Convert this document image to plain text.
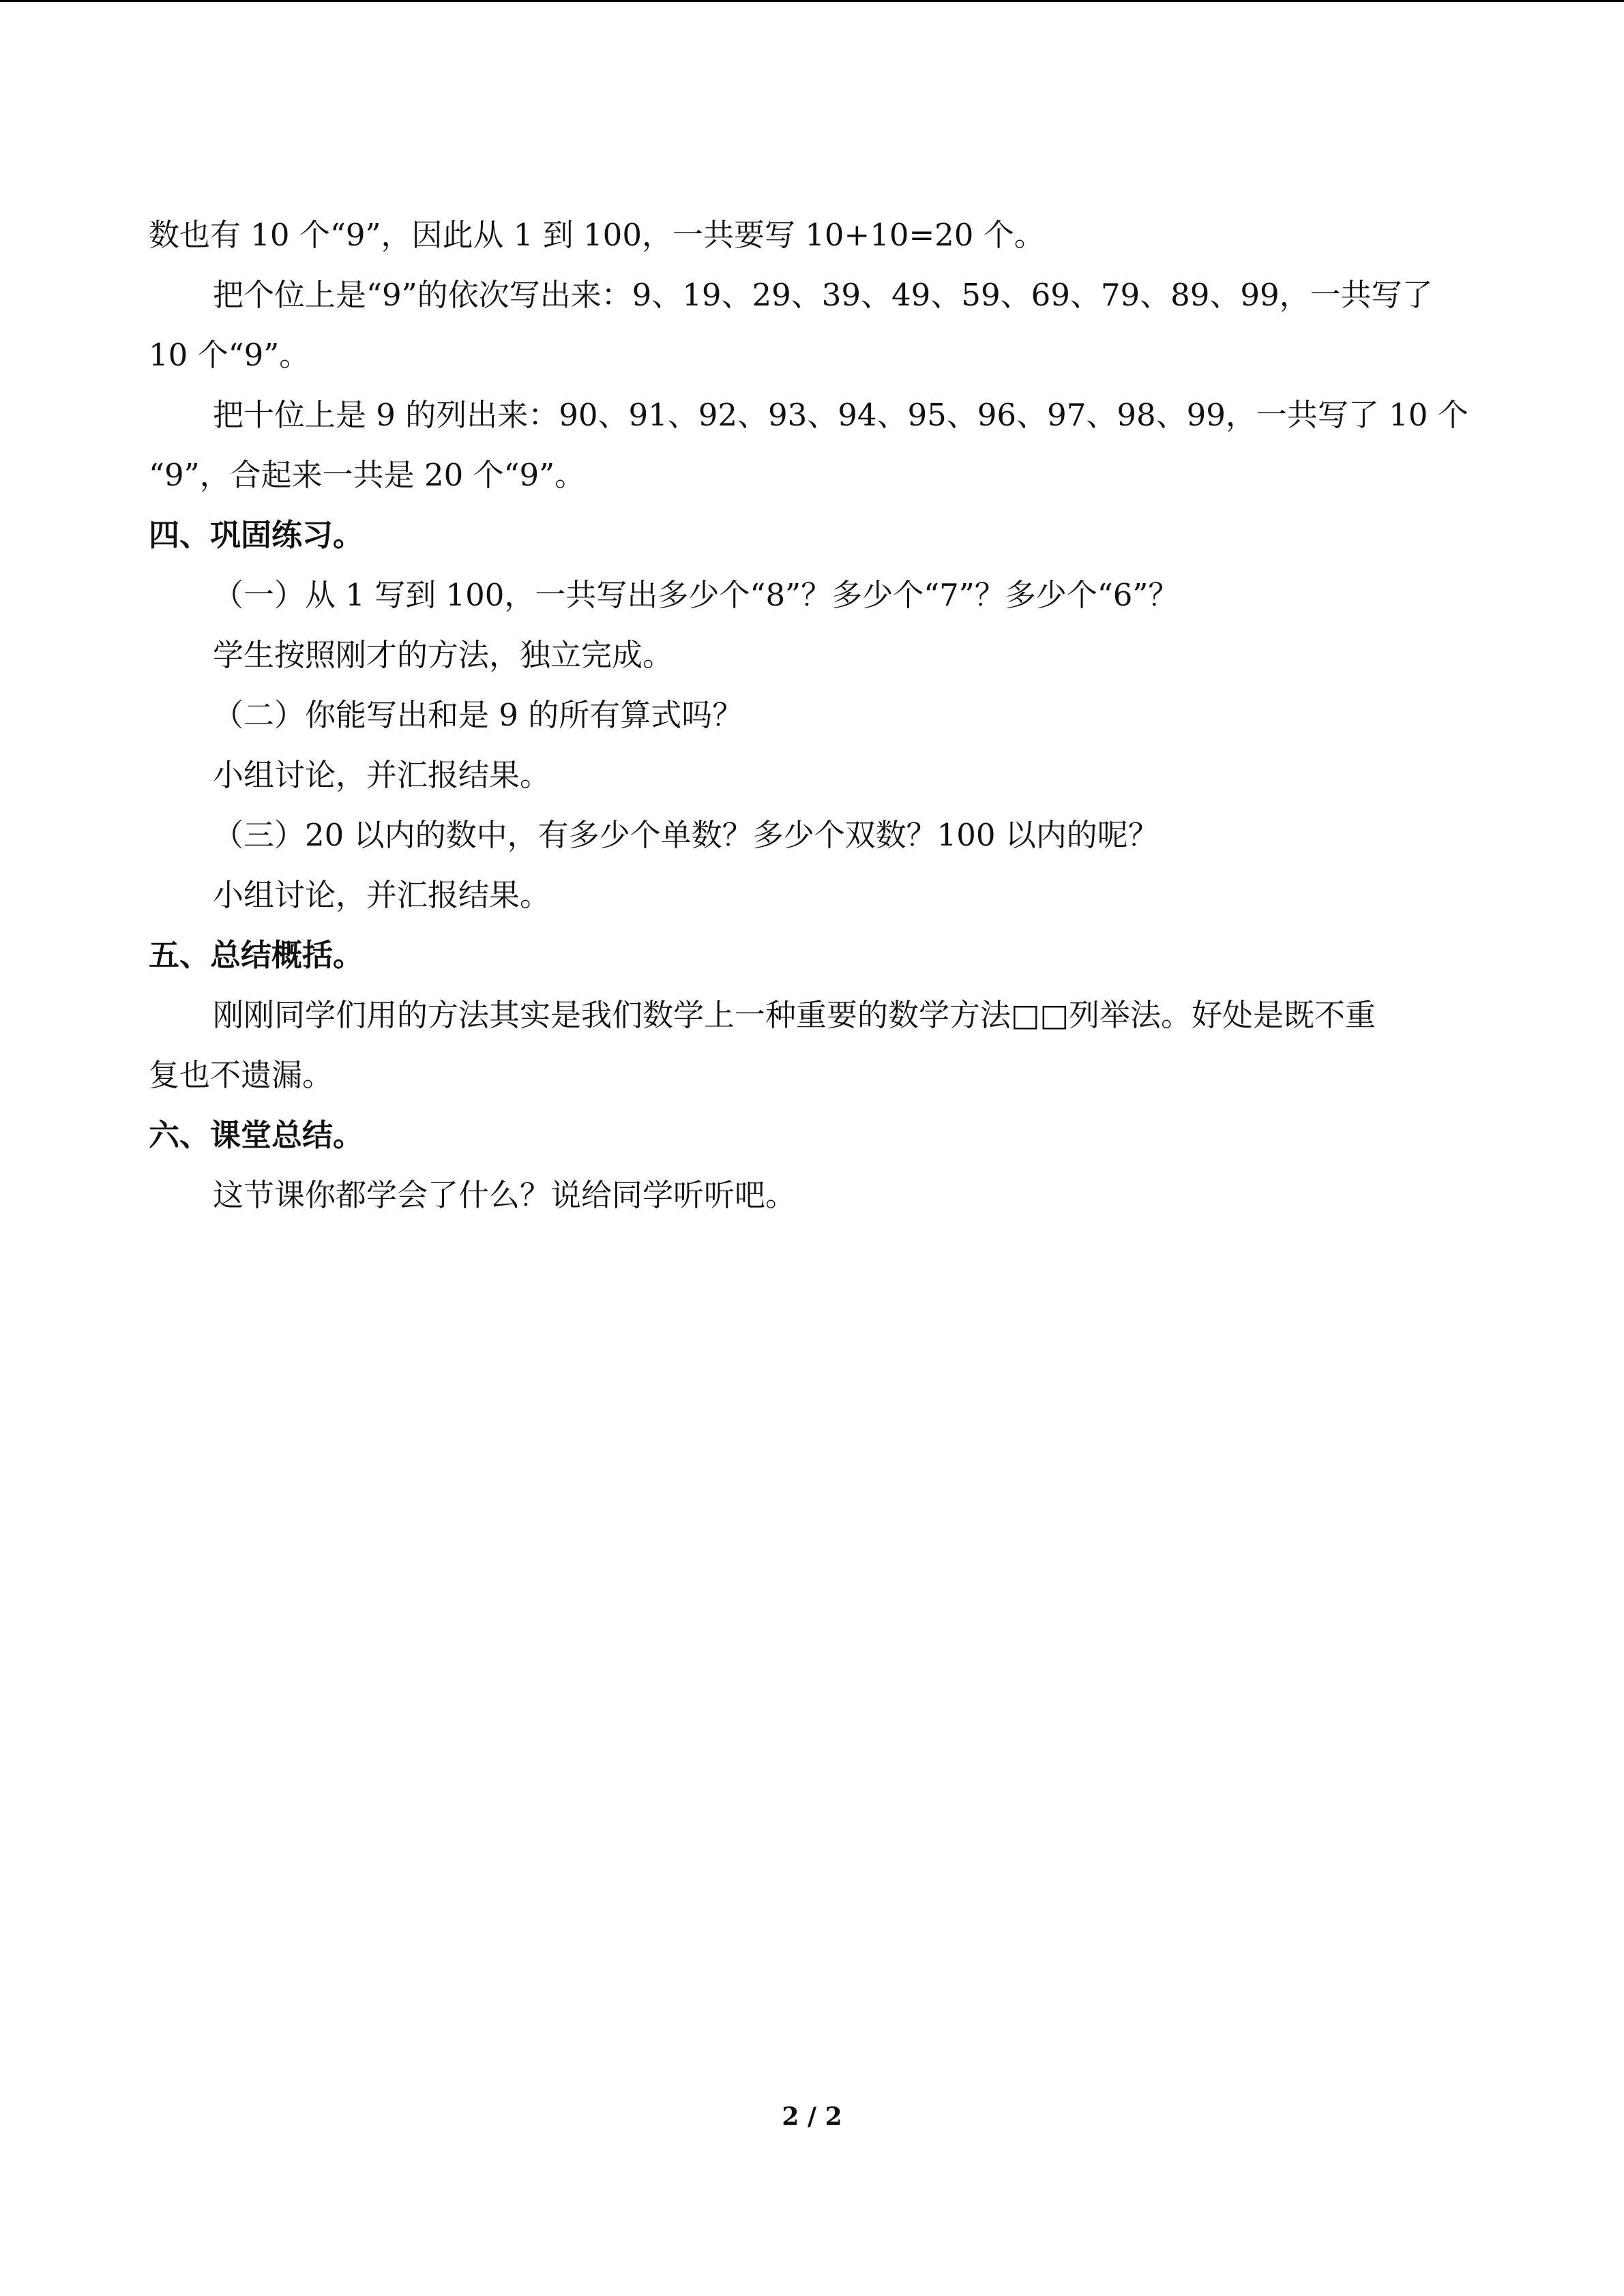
数也有 10 个“9”，因此从 1 到 100，一共要写 10+10=20 个。
把个位上是“9”的依次写出来：9、19、29、39、49、59、69、79、89、99，一共写了
10 个“9”。
把十位上是 9 的列出来：90、91、92、93、94、95、96、97、98、99，一共写了 10 个
“9”，合起来一共是 20 个“9”。
四、巩固练习。
（一）从 1 写到 100，一共写出多少个“8”？多少个“7”？多少个“6”？
学生按照刚才的方法，独立完成。
（二）你能写出和是 9 的所有算式吗？
小组讨论，并汇报结果。
（三）20 以内的数中，有多少个单数？多少个双数？100 以内的呢？
小组讨论，并汇报结果。
五、总结概括。
刚刚同学们用的方法其实是我们数学上一种重要的数学方法□□列举法。好处是既不重
复也不遗漏。
六、课堂总结。
这节课你都学会了什么？说给同学听听吧。
2 / 2
